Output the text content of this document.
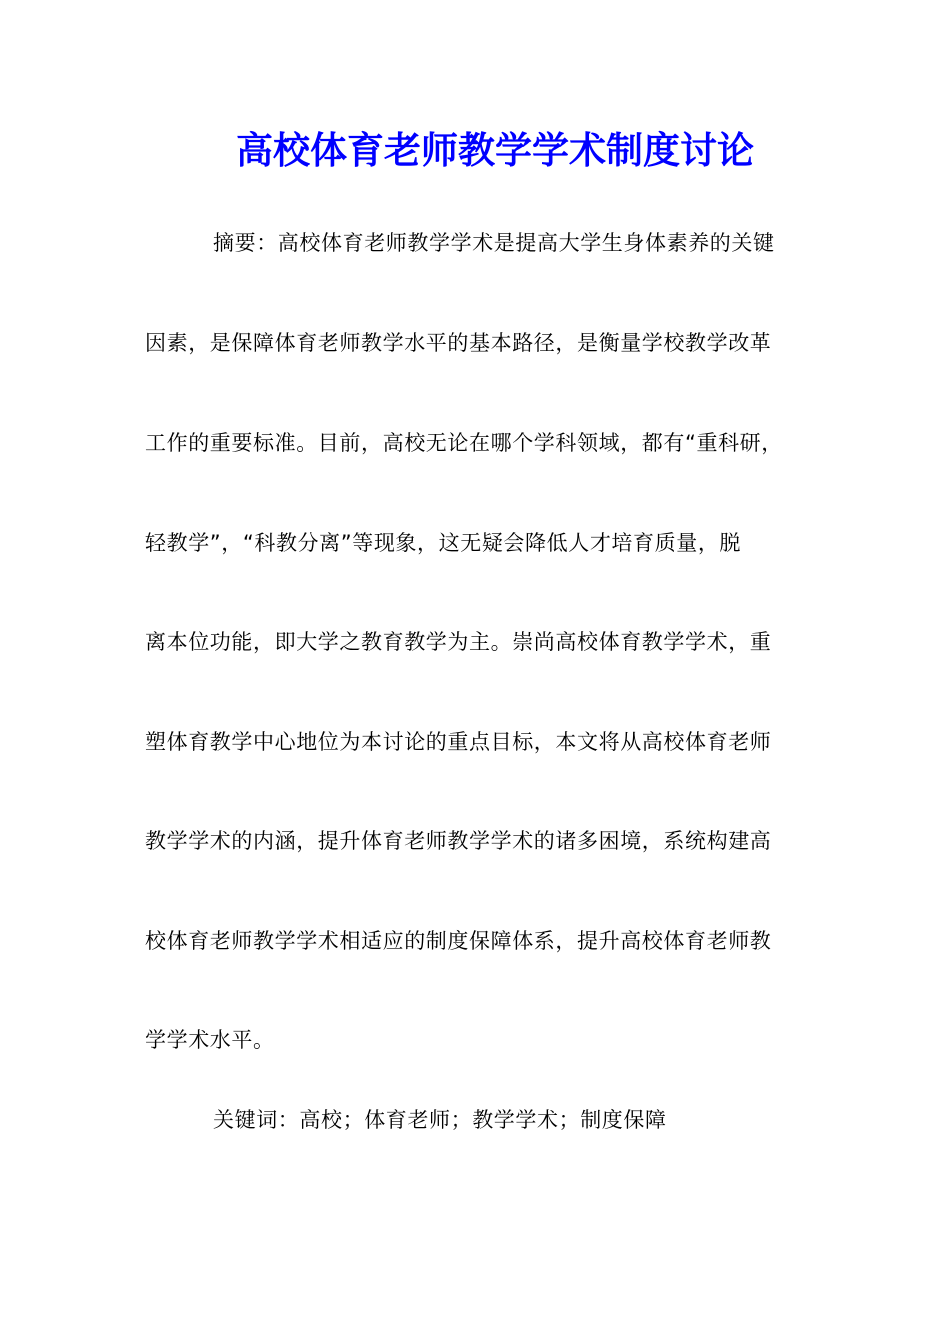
高校体育老师教学学术制度讨论
摘要：高校体育老师教学学术是提高大学生身体素养的关键
因素，是保障体育老师教学水平的基本路径，是衡量学校教学改革
工作的重要标准。目前，高校无论在哪个学科领域，都有“重科研，
轻教学”，“科教分离”等现象，这无疑会降低人才培育质量，脱
离本位功能，即大学之教育教学为主。崇尚高校体育教学学术，重
塑体育教学中心地位为本讨论的重点目标，本文将从高校体育老师
教学学术的内涵，提升体育老师教学学术的诸多困境，系统构建高
校体育老师教学学术相适应的制度保障体系，提升高校体育老师教
学学术水平。
关键词：高校；体育老师；教学学术；制度保障
